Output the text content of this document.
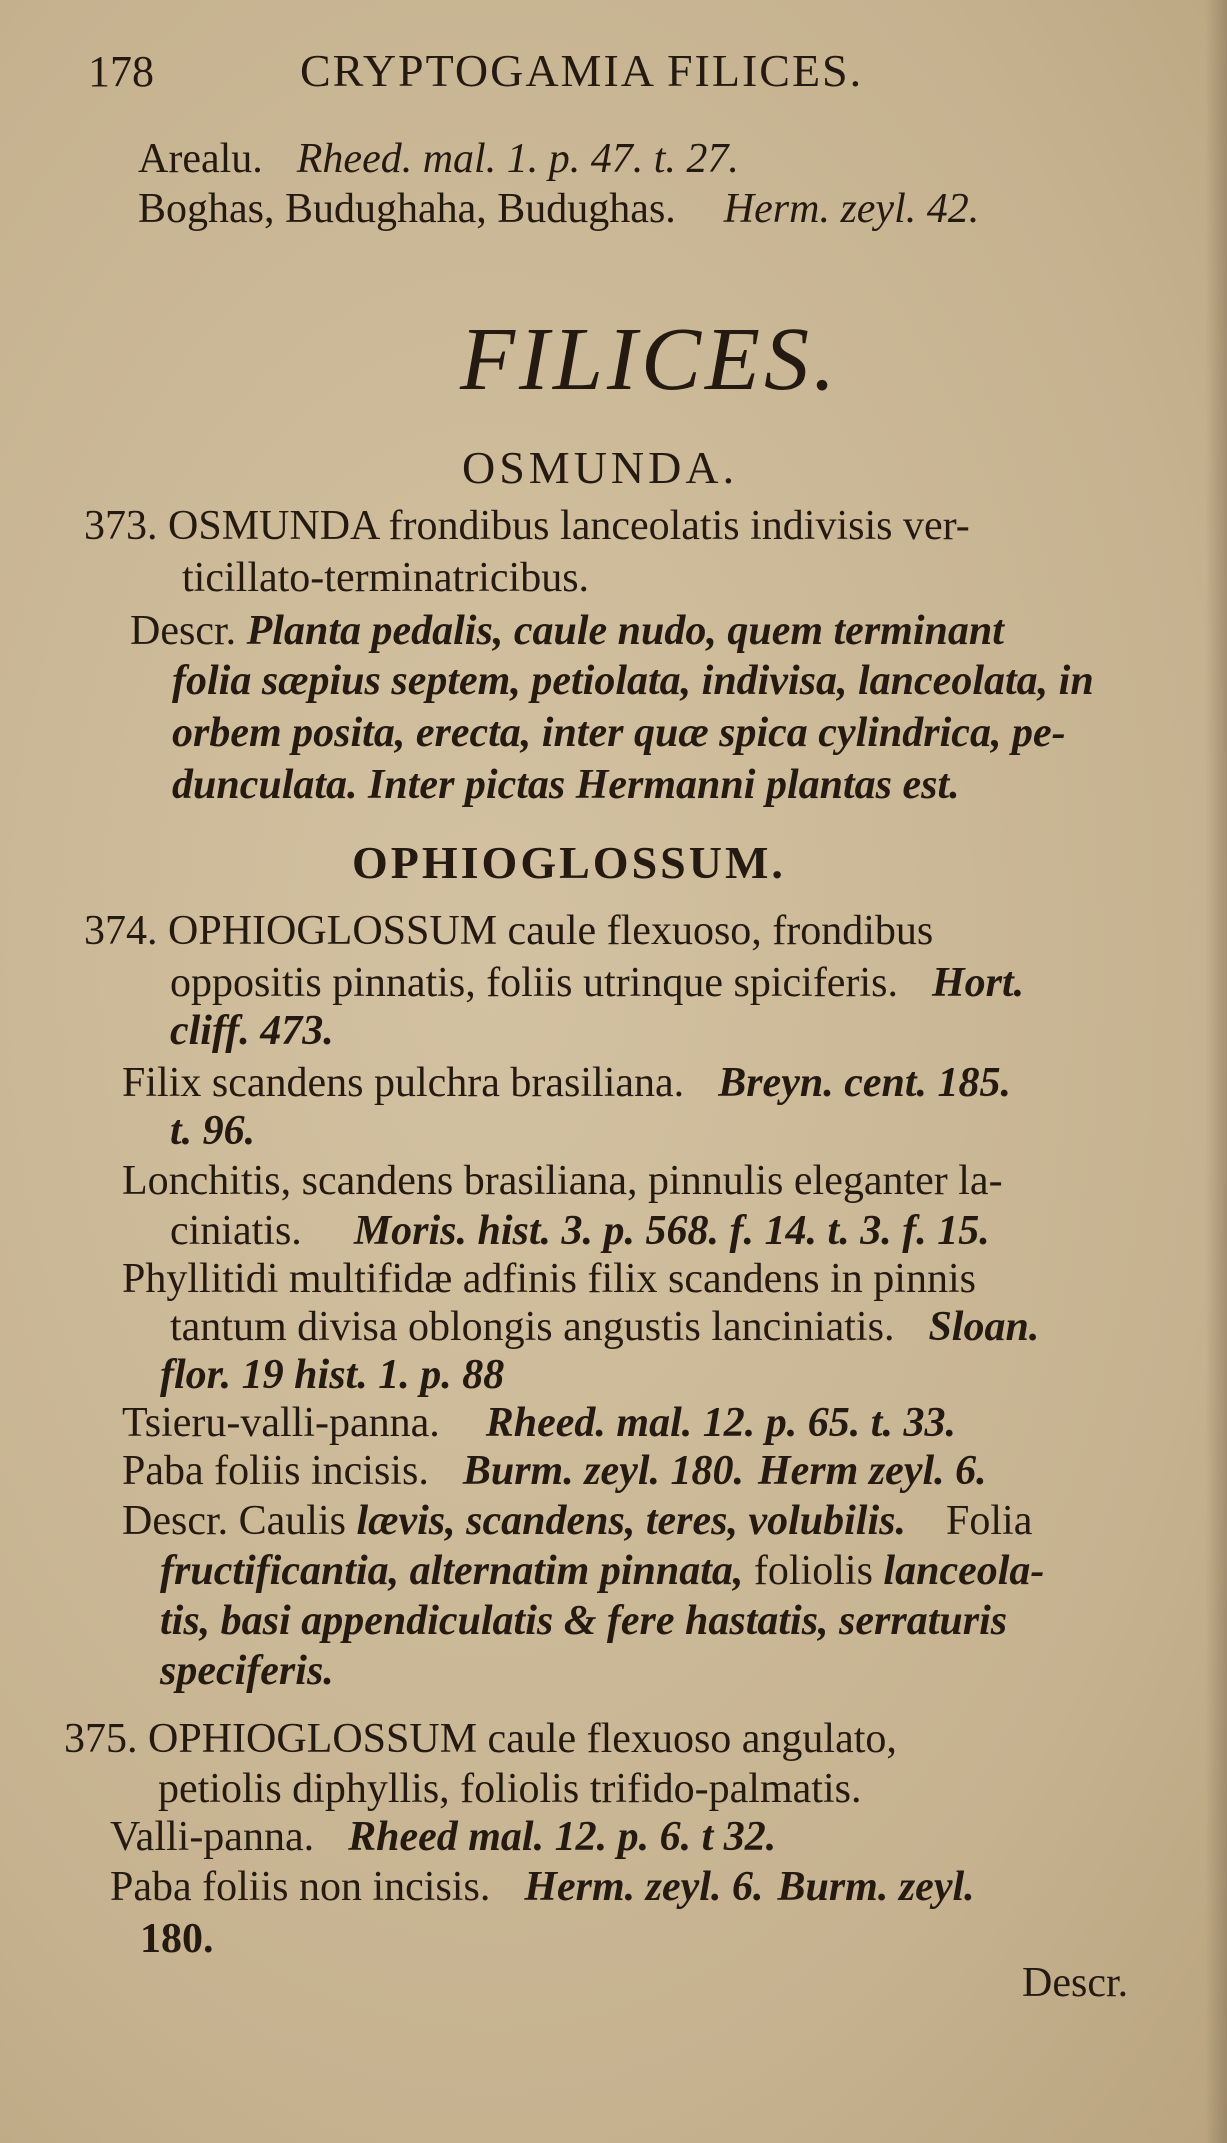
178	CRYPTOGAMIA FILICES.
Arealu. Rheed. mal. 1. p. 47. t. 27.
Boghas, Budughaha, Budughas. Herm. zeyl. 42.
FILICES.
OSMUNDA.
373. OSMUNDA frondibus lanceolatis indivisis ver-
ticillato-terminatricibus.
Descr. Planta pedalis, caule nudo, quem terminant
folia sæpius septem, petiolata, indivisa, lanceolata, in
orbem posita, erecta, inter quæ spica cylindrica, pe-
dunculata. Inter pictas Hermanni plantas est.
OPHIOGLOSSUM.
374. OPHIOGLOSSUM caule flexuoso, frondibus
oppositis pinnatis, foliis utrinque spiciferis. Hort.
cliff. 473.
Filix scandens pulchra brasiliana. Breyn. cent. 185.
t. 96.
Lonchitis, scandens brasiliana, pinnulis eleganter la-
ciniatis. Moris. hist. 3. p. 568. f. 14. t. 3. f. 15.
Phyllitidi multifidæ adfinis filix scandens in pinnis
tantum divisa oblongis angustis lanciniatis. Sloan.
flor. 19 hist. 1. p. 88
Tsieru-valli-panna. Rheed. mal. 12. p. 65. t. 33.
Paba foliis incisis. Burm. zeyl. 180. Herm zeyl. 6.
Descr. Caulis lævis, scandens, teres, volubilis. Folia
fructificantia, alternatim pinnata, foliolis lanceola-
tis, basi appendiculatis & fere hastatis, serraturis
speciferis.
375. OPHIOGLOSSUM caule flexuoso angulato,
petiolis diphyllis, foliolis trifido-palmatis.
Valli-panna. Rheed mal. 12. p. 6. t 32.
Paba foliis non incisis. Herm. zeyl. 6. Burm. zeyl.
180.
Descr.
